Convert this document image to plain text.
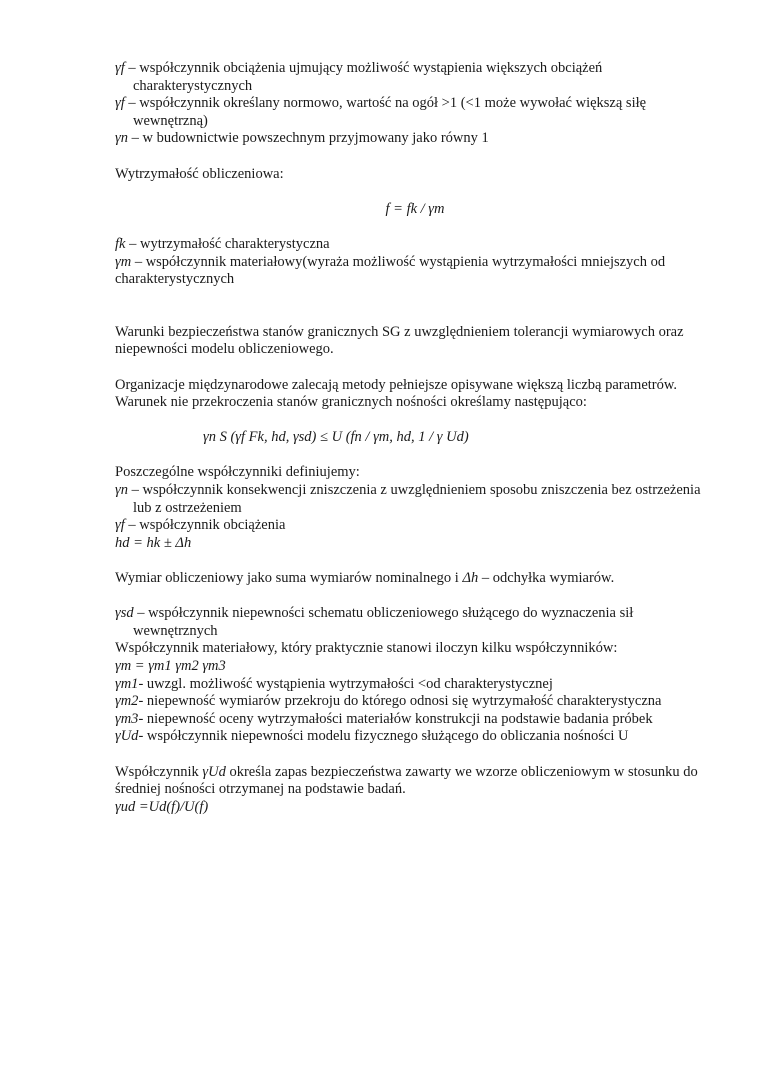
γf – współczynnik obciążenia ujmujący możliwość wystąpienia większych obciążeń charakterystycznych

γf – współczynnik określany normowo, wartość na ogół >1 (<1 może wywołać większą siłę wewnętrzną)

γn – w budownictwie powszechnym przyjmowany jako równy 1

Wytrzymałość obliczeniowa:

f = fk / γm

fk – wytrzymałość charakterystyczna

γm – współczynnik materiałowy(wyraża możliwość wystąpienia wytrzymałości mniejszych od charakterystycznych

Warunki bezpieczeństwa stanów granicznych SG z uwzględnieniem tolerancji wymiarowych oraz niepewności modelu obliczeniowego.

Organizacje międzynarodowe zalecają metody pełniejsze opisywane większą liczbą parametrów.

Warunek nie przekroczenia stanów granicznych nośności określamy następująco:

γn S (γf Fk, hd, γsd) ≤ U (fn / γm, hd, 1 / γ Ud)

Poszczególne współczynniki definiujemy:

γn – współczynnik konsekwencji zniszczenia z uwzględnieniem sposobu zniszczenia bez ostrzeżenia lub z ostrzeżeniem

γf – współczynnik obciążenia

hd = hk ± Δh

Wymiar obliczeniowy jako suma wymiarów nominalnego i Δh – odchyłka wymiarów.

γsd – współczynnik niepewności schematu obliczeniowego służącego do wyznaczenia sił wewnętrznych

Współczynnik materiałowy, który praktycznie stanowi iloczyn kilku współczynników:

γm = γm1 γm2 γm3

γm1- uwzgl. możliwość wystąpienia wytrzymałości <od charakterystycznej

γm2- niepewność wymiarów przekroju do którego odnosi się wytrzymałość charakterystyczna

γm3- niepewność oceny wytrzymałości materiałów konstrukcji na podstawie badania próbek

γUd- współczynnik niepewności modelu fizycznego służącego do obliczania nośności U

Współczynnik γUd określa zapas bezpieczeństwa zawarty we wzorze obliczeniowym w stosunku do średniej nośności otrzymanej na podstawie badań.

γud =Ud(f)/U(f)
